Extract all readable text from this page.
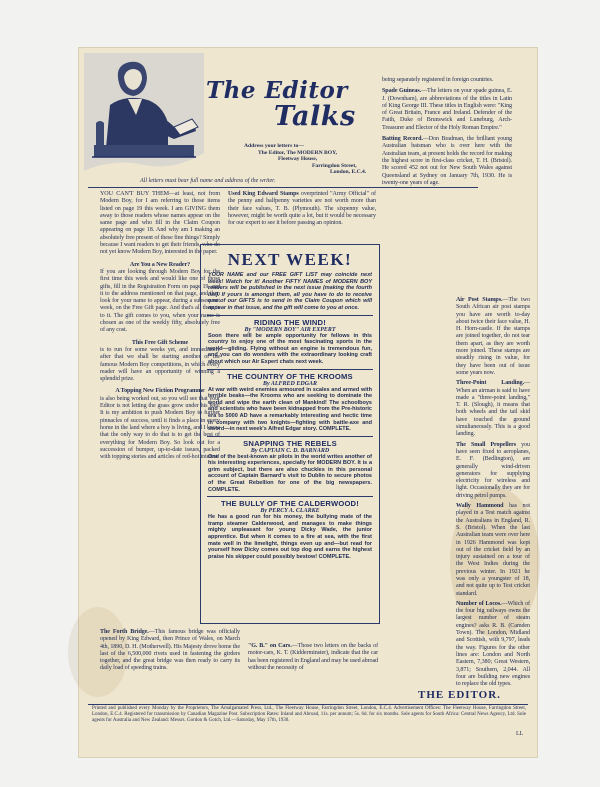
The Editor
Talks
Address your letters to—
The Editor, The MODERN BOY,
Fleetway House,
Farringdon Street,
London, E.C.4.
All letters must bear full name and address of the writer.
YOU CAN'T BUY THEM—at least, not from Modern Boy, for I am referring to those items listed on page 19 this week. I am GIVING them away to those readers whose names appear on the same page and who fill in the Claim Coupon appearing on page 18. And why am I making an absolutely free present of these fine things? Simply because I want readers to get their friends, who do not yet know Modern Boy, interested in the paper.
Are You a New Reader?
If you are looking through Modern Boy for the first time this week and would like one of those gifts, fill in the Registration Form on page 19, and it to the address mentioned on that page, and then look for your name to appear, during a subsequent week, on the Free Gift page. And that's all there is to it. The gift comes to you, when your name is chosen as one of the weekly fifty, absolutely free of any cost.
This Free Gift Scheme
is to run for some weeks yet, and immediately after that we shall be starting another of the famous Modern Boy competitions, in which every reader will have an opportunity of winning a splendid prize.
A Topping New Fiction Programme
is also being worked out, so you will see that your Editor is not letting the grass grow under his feet! It is my ambition to push Modern Boy to further pinnacles of success, until it finds a place in every home in the land where a boy is living, and I know that the only way to do that is to get the best of everything for Modern Boy. So look out for a succession of bumper, up-to-date issues, packed with topping stories and articles of red-hot interest!
Used King Edward Stamps overprinted "Army Official" of the penny and halfpenny varieties are not worth more than their face values, T. B. (Plymouth). The sixpenny value, however, might be worth quite a lot, but it would be necessary for our expert to see it before passing an opinion.
being separately registered in foreign countries.
Spade Guineas.—The letters on your spade guinea, E. J. (Downham), are abbreviations of the titles in Latin of King George III. These titles in English were: "King of Great Britain, France and Ireland. Defender of the Faith, Duke of Brunswick and Luneburg, Arch-Treasurer and Elector of the Holy Roman Empire."
Batting Record.—Don Bradman, the brilliant young Australian batsman who is over here with the Australian team, at present holds the record for making the highest score in first-class cricket, T. H. (Bristol). He scored 452 not out for New South Wales against Queensland at Sydney on January 7th, 1930. He is twenty-one years of age.
Air Post Stamps.—The two South African air post stamps you have are worth to-day about twice their face value, H. H. Horn-castle. If the stamps are joined together, do not tear them apart, as they are worth more joined. These stamps are steadily rising in value, for they have been out of issue some years now.
Three-Point Landing.—When an airman is said to have made a "three-point landing," T. R. (Slough), it means that both wheels and the tail skid have touched the ground simultaneously. This is a good landing.
The Small Propellers you have seen fixed to aeroplanes, E. F. (Bedlington), are generally wind-driven generators for supplying electricity for wireless and light. Occasionally they are for driving petrol pumps.
Wally Hammond has not played in a Test match against the Australians in England, R. S. (Bristol). When the last Australian team were over here in 1926 Hammond was kept out of the cricket field by an injury sustained on a tour of the West Indies during the previous winter. In 1921 he was only a youngster of 18, and not quite up to Test cricket standard.
Number of Locos.—Which of the four big railways owns the largest number of steam engines? asks R. B. (Camden Town). The London, Midland and Scottish, with 9,797, leads the way. Figures for the other lines are: London and North Eastern, 7,380; Great Western, 3,871; Southern, 2,044. All four are building new engines to replace the old types.
NEXT WEEK!
YOUR NAME and our FREE GIFT LIST may coincide next week! Watch for it! Another FIFTY NAMES of MODERN BOY readers will be published in the next issue (making the fourth list). If yours is amongst them, all you have to do to receive one of our GIFTS is to send in the Claim Coupon which will appear in that issue, and the gift will come to you at once.
RIDING THE WIND!
By "MODERN BOY" AIR EXPERT
Soon there will be ample opportunity for fellows in this country to enjoy one of the most fascinating sports in the world—gliding. Flying without an engine is tremendous fun, and you can do wonders with the extraordinary looking craft about which our Air Expert chats next week.
THE COUNTRY OF THE KROOMS
By ALFRED EDGAR
At war with weird enemies armoured in scales and armed with terrible beaks—the Krooms who are seeking to dominate the world and wipe the earth clean of Mankind! The schoolboys and scientists who have been kidnapped from the Pre-historic era to 5000 AD have a remarkably interesting and hectic time in company with two knights—fighting with battle-axe and sword—in next week's Alfred Edgar story. COMPLETE.
SNAPPING THE REBELS
By CAPTAIN C. D. BARNARD
One of the best-known air pilots in the world writes another of his interesting experiences, specially for MODERN BOY. It is a grim subject, but there are also chuckles in this personal account of Captain Barnard's visit to Dublin to secure photos of the Great Rebellion for one of the big newspapers. COMPLETE.
THE BULLY OF THE CALDERWOOD!
By PERCY A. CLARKE
He has a good run for his money, the bullying mate of the tramp steamer Calderwood, and manages to make things mighty unpleasant for young Dicky Wade, the junior apprentice. But when it comes to a fire at sea, with the first mate well in the limelight, things even up and—but read for yourself how Dicky comes out top dog and earns the highest praise his skipper could possibly bestow! COMPLETE.
The Forth Bridge.—This famous bridge was officially opened by King Edward, then Prince of Wales, on March 4th, 1890, D. H. (Motherwell). His Majesty drove home the last of the 6,500,000 rivets used in fastening the girders together, and the great bridge was then ready to carry its daily load of speeding trains.
"G. B." on Cars.—Those two letters on the backs of motor-cars, K. T. (Kidderminster), indicate that the car has been registered in England and may be used abroad without the necessity of
THE EDITOR.
Printed and published every Monday by the Proprietors, The Amalgamated Press, Ltd., The Fleetway House, Farringdon Street, London, E.C.4. Advertisement Offices: The Fleetway House, Farringdon Street, London, E.C.4. Registered for transmission by Canadian Magazine Post. Subscription Rates: Inland and Abroad, 11s. per annum; 5s. 6d. for six months. Sole agents for South Africa: Central News Agency, Ltd. Sole agents for Australia and New Zealand: Messrs. Gordon & Gotch, Ltd.—Saturday, May 17th, 1930.
LL
